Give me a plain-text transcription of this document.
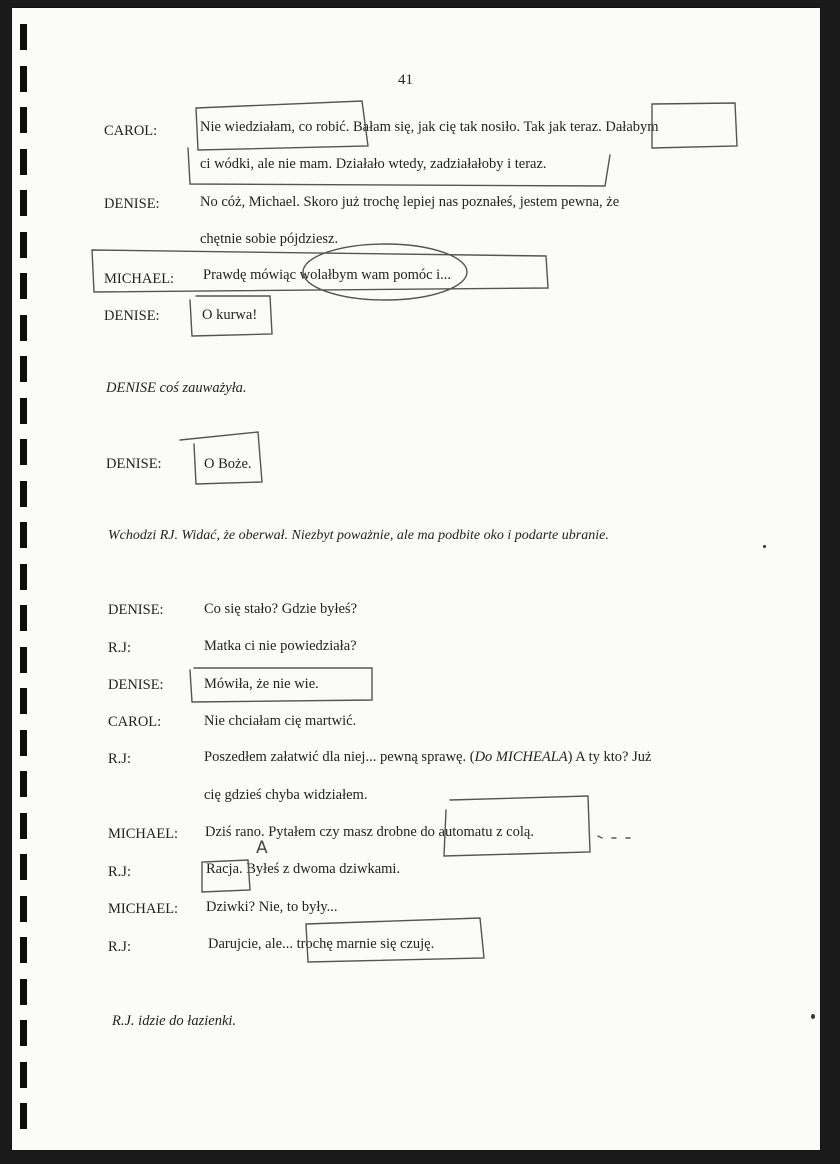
41
CAROL:	Nie wiedziałam, co robić. Bałam się, jak cię tak nosiło. Tak jak teraz. Dałabym
ci wódki, ale nie mam. Działało wtedy, zadziałałoby i teraz.
DENISE:	No cóż, Michael. Skoro już trochę lepiej nas poznałeś, jestem pewna, że
chętnie sobie pójdziesz.
MICHAEL: Prawdę mówiąc wolałbym wam pomóc i...
DENISE:	O kurwa!
DENISE coś zauważyła.
DENISE:	O Boże.
Wchodzi RJ. Widać, że oberwał. Niezbyt poważnie, ale ma podbite oko i podarte ubranie.
DENISE:	Co się stało? Gdzie byłeś?
R.J:	Matka ci nie powiedziała?
DENISE:	Mówiła, że nie wie.
CAROL:	Nie chciałam cię martwić.
R.J:	Poszedłem załatwić dla niej... pewną sprawę. (Do MICHEALA) A ty kto? Już
cię gdzieś chyba widziałem.
MICHAEL: Dziś rano. Pytałem czy masz drobne do automatu z colą.
R.J:	Racja. Byłeś z dwoma dziwkami.
MICHAEL: Dziwki? Nie, to były...
R.J:	Darujcie, ale... trochę marnie się czuję.
R.J. idzie do łazienki.
A
